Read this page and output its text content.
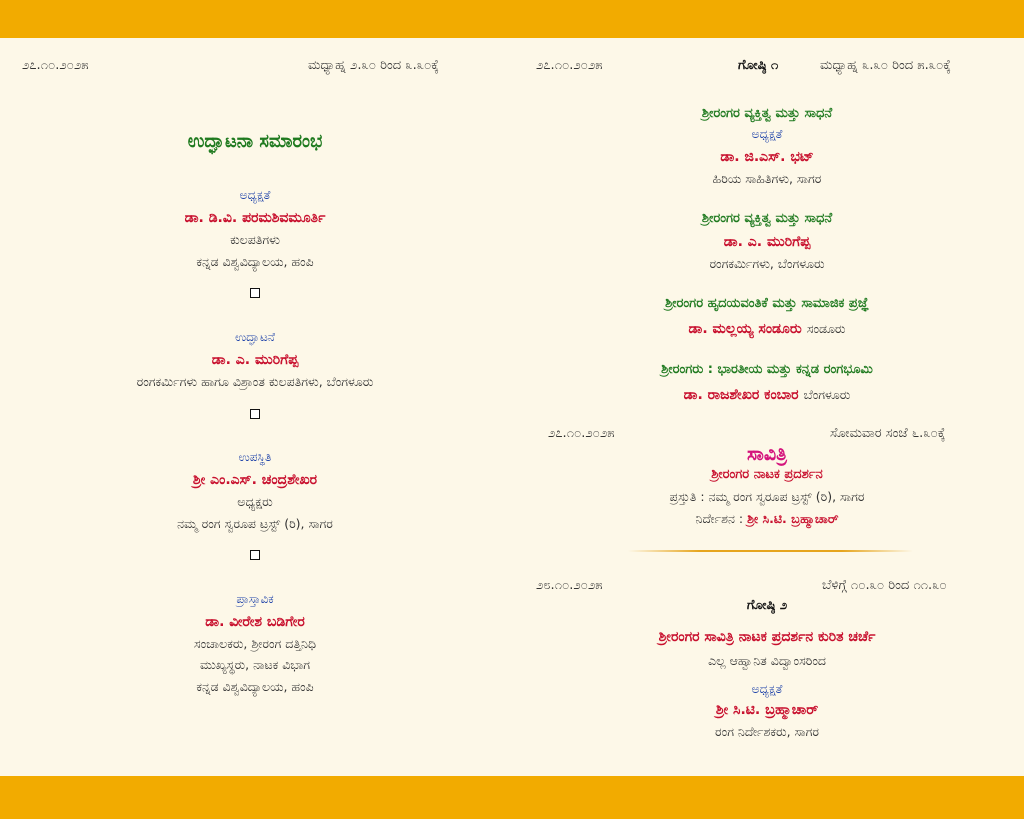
೨೭.೧೦.೨೦೨೫	ಮಧ್ಯಾಹ್ನ ೨.೩೦ ರಿಂದ ೩.೩೦ಕ್ಕೆ
ಉದ್ಘಾಟನಾ ಸಮಾರಂಭ
ಅಧ್ಯಕ್ಷತೆ
ಡಾ. ಡಿ.ವಿ. ಪರಮಶಿವಮೂರ್ತಿ
ಕುಲಪತಿಗಳು
ಕನ್ನಡ ವಿಶ್ವವಿದ್ಯಾಲಯ, ಹಂಪಿ
ಉದ್ಘಾಟನೆ
ಡಾ. ಎ. ಮುರಿಗೆಪ್ಪ
ರಂಗಕರ್ಮಿಗಳು ಹಾಗೂ ವಿಶ್ರಾಂತ ಕುಲಪತಿಗಳು, ಬೆಂಗಳೂರು
ಉಪಸ್ಥಿತಿ
ಶ್ರೀ ಎಂ.ಎಸ್. ಚಂದ್ರಶೇಖರ
ಅಧ್ಯಕ್ಷರು
ನಮ್ಮ ರಂಗ ಸ್ವರೂಪ ಟ್ರಸ್ಟ್ (ರಿ), ಸಾಗರ
ಪ್ರಾಸ್ತಾವಿಕ
ಡಾ. ವೀರೇಶ ಬಡಿಗೇರ
ಸಂಚಾಲಕರು, ಶ್ರೀರಂಗ ದತ್ತಿನಿಧಿ
ಮುಖ್ಯಸ್ಥರು, ನಾಟಕ ವಿಭಾಗ
ಕನ್ನಡ ವಿಶ್ವವಿದ್ಯಾಲಯ, ಹಂಪಿ
೨೭.೧೦.೨೦೨೫	ಗೋಷ್ಠಿ ೧	ಮಧ್ಯಾಹ್ನ ೩.೩೦ ರಿಂದ ೫.೩೦ಕ್ಕೆ
ಶ್ರೀರಂಗರ ವ್ಯಕ್ತಿತ್ವ ಮತ್ತು ಸಾಧನೆ
ಅಧ್ಯಕ್ಷತೆ
ಡಾ. ಜಿ.ಎಸ್. ಭಟ್
ಹಿರಿಯ ಸಾಹಿತಿಗಳು, ಸಾಗರ
ಶ್ರೀರಂಗರ ವ್ಯಕ್ತಿತ್ವ ಮತ್ತು ಸಾಧನೆ
ಡಾ. ಎ. ಮುರಿಗೆಪ್ಪ
ರಂಗಕರ್ಮಿಗಳು, ಬೆಂಗಳೂರು
ಶ್ರೀರಂಗರ ಹೃದಯವಂತಿಕೆ ಮತ್ತು ಸಾಮಾಜಿಕ ಪ್ರಜ್ಞೆ
ಡಾ. ಮಲ್ಲಯ್ಯ ಸಂಡೂರು ಸಂಡೂರು
ಶ್ರೀರಂಗರು : ಭಾರತೀಯ ಮತ್ತು ಕನ್ನಡ ರಂಗಭೂಮಿ
ಡಾ. ರಾಜಶೇಖರ ಕಂಬಾರ ಬೆಂಗಳೂರು
೨೭.೧೦.೨೦೨೫	ಸೋಮವಾರ ಸಂಜೆ ೬.೩೦ಕ್ಕೆ
ಸಾವಿತ್ರಿ
ಶ್ರೀರಂಗರ ನಾಟಕ ಪ್ರದರ್ಶನ
ಪ್ರಸ್ತುತಿ : ನಮ್ಮ ರಂಗ ಸ್ವರೂಪ ಟ್ರಸ್ಟ್ (ರಿ), ಸಾಗರ
ನಿರ್ದೇಶನ : ಶ್ರೀ ಸಿ.ಟಿ. ಬ್ರಹ್ಮಾಚಾರ್
೨೮.೧೦.೨೦೨೫	ಬೆಳಿಗ್ಗೆ ೧೦.೩೦ ರಿಂದ ೧೧.೩೦
ಗೋಷ್ಠಿ ೨
ಶ್ರೀರಂಗರ ಸಾವಿತ್ರಿ ನಾಟಕ ಪ್ರದರ್ಶನ ಕುರಿತ ಚರ್ಚೆ
ಎಲ್ಲ ಆಹ್ವಾನಿತ ವಿದ್ವಾಂಸರಿಂದ
ಅಧ್ಯಕ್ಷತೆ
ಶ್ರೀ ಸಿ.ಟಿ. ಬ್ರಹ್ಮಾಚಾರ್
ರಂಗ ನಿರ್ದೇಶಕರು, ಸಾಗರ
